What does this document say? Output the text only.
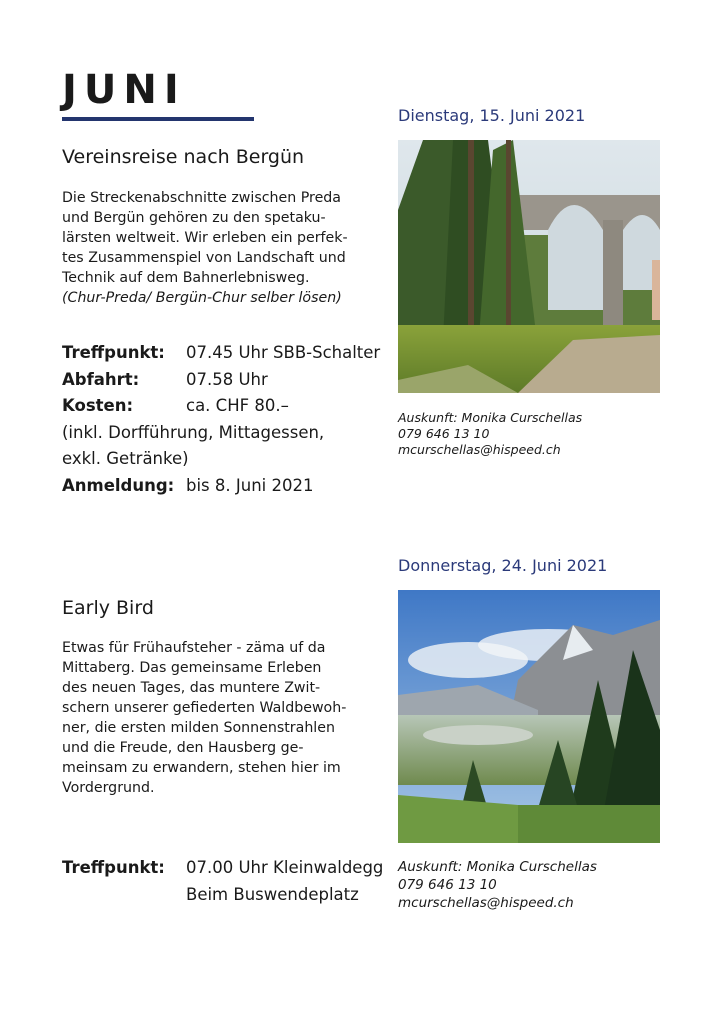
JUNI
Dienstag, 15. Juni 2021
Vereinsreise nach Bergün

Die Streckenabschnitte zwischen Preda

und Bergün gehören zu den spetaku-

lärsten weltweit. Wir erleben ein perfek-

tes Zusammenspiel von Landschaft und

Technik auf dem Bahnerlebnisweg.

(Chur-Preda/ Bergün-Chur selber lösen)

Treffpunkt:	07.45 Uhr SBB-Schalter
Abfahrt:	07.58 Uhr
Kosten:	ca. CHF 80.–
(inkl. Dorfführung, Mittagessen,
exkl. Getränke)
Anmeldung: bis 8. Juni 2021
Auskunft: Monika Curschellas
079 646 13 10
mcurschellas@hispeed.ch
Donnerstag, 24. Juni 2021
Early Bird

Etwas für Frühaufsteher - zäma uf da

Mittaberg. Das gemeinsame Erleben

des neuen Tages, das muntere Zwit-

schern unserer gefiederten Waldbewoh-

ner, die ersten milden Sonnenstrahlen

und die Freude, den Hausberg ge-

meinsam zu erwandern, stehen hier im

Vordergrund.

Treffpunkt:	07.00 Uhr Kleinwaldegg
Beim Buswendeplatz
Auskunft: Monika Curschellas
079 646 13 10
mcurschellas@hispeed.ch
